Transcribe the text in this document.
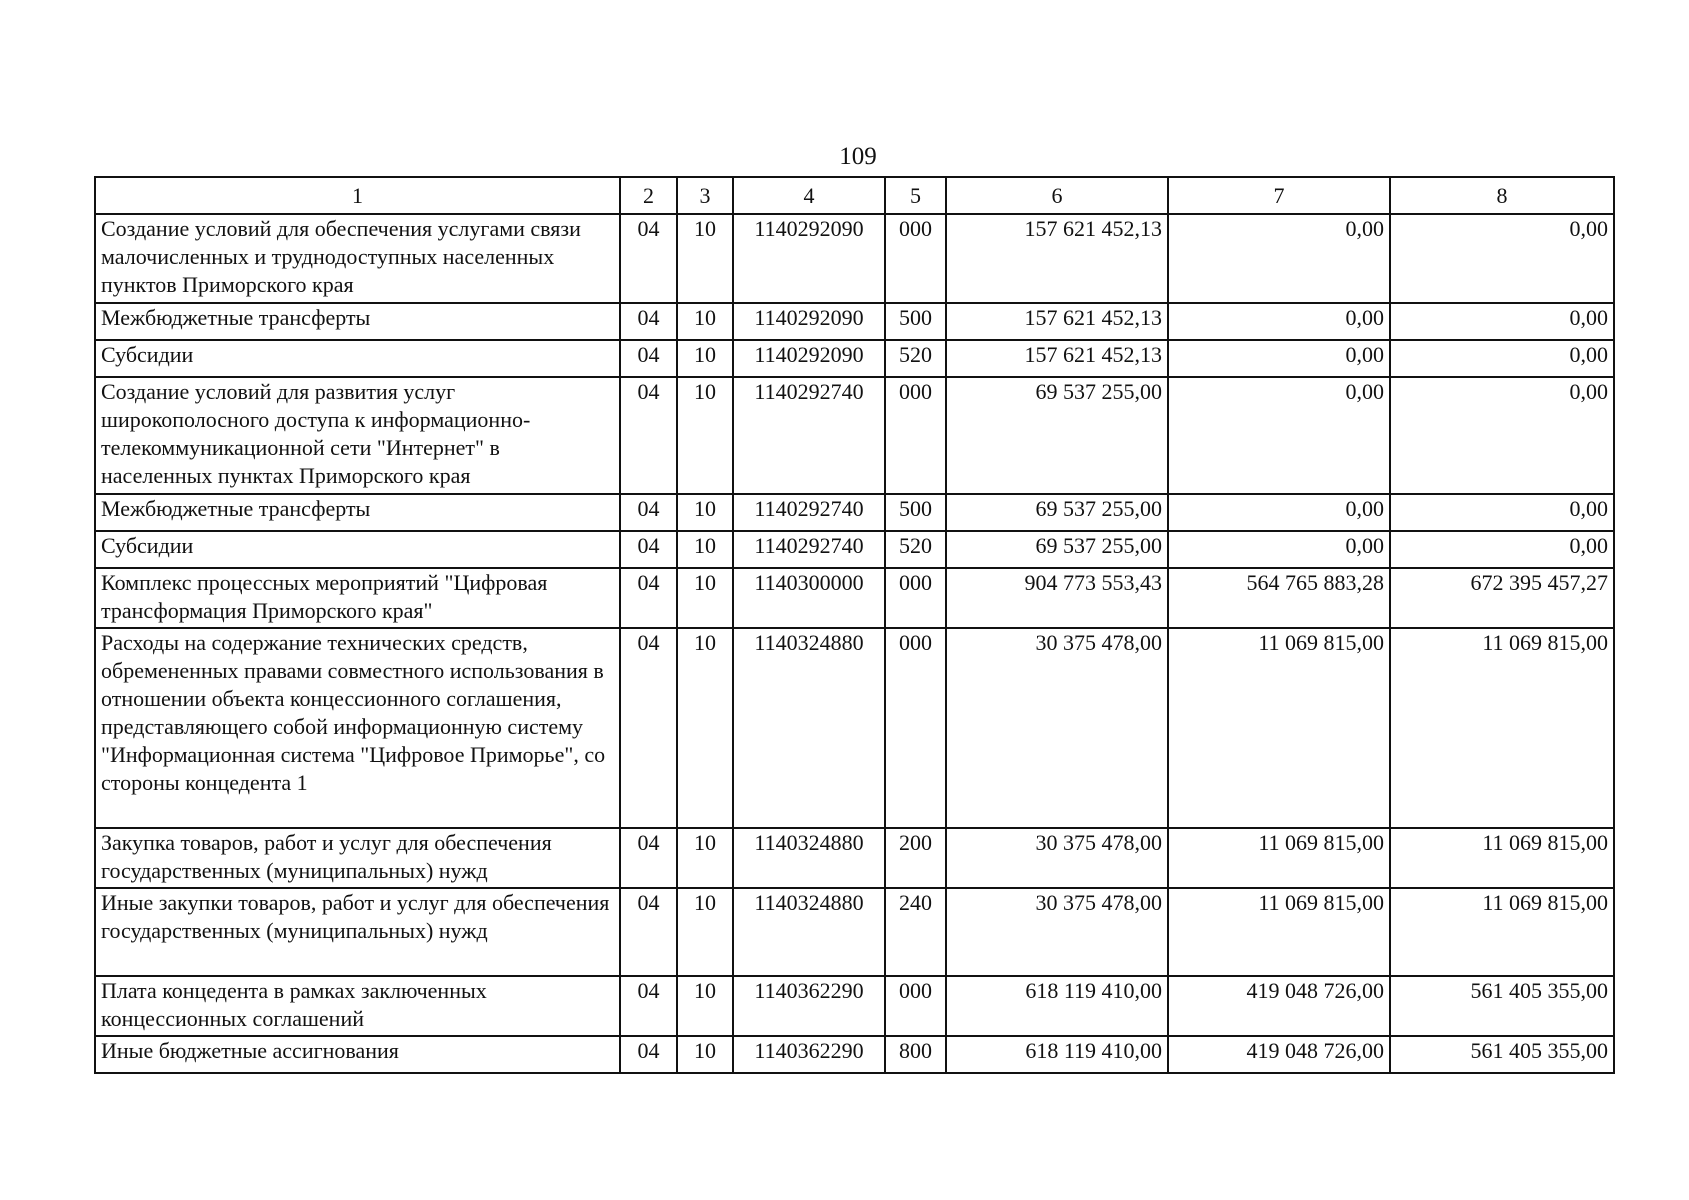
109
1	2	3	4	5	6	7	8
Создание условий для обеспечения услугами связи малочисленных и труднодоступных населенных пунктов Приморского края	04	10	1140292090	000	157 621 452,13	0,00	0,00
Межбюджетные трансферты	04	10	1140292090	500	157 621 452,13	0,00	0,00
Субсидии	04	10	1140292090	520	157 621 452,13	0,00	0,00
Создание условий для развития услуг широкополосного доступа к информационно-телекоммуникационной сети "Интернет" в населенных пунктах Приморского края	04	10	1140292740	000	69 537 255,00	0,00	0,00
Межбюджетные трансферты	04	10	1140292740	500	69 537 255,00	0,00	0,00
Субсидии	04	10	1140292740	520	69 537 255,00	0,00	0,00
Комплекс процессных мероприятий "Цифровая трансформация Приморского края"	04	10	1140300000	000	904 773 553,43	564 765 883,28	672 395 457,27
Расходы на содержание технических средств, обремененных правами совместного использования в отношении объекта концессионного соглашения, представляющего собой информационную систему "Информационная система "Цифровое Приморье", со стороны концедента 1	04	10	1140324880	000	30 375 478,00	11 069 815,00	11 069 815,00
Закупка товаров, работ и услуг для обеспечения государственных (муниципальных) нужд	04	10	1140324880	200	30 375 478,00	11 069 815,00	11 069 815,00
Иные закупки товаров, работ и услуг для обеспечения государственных (муниципальных) нужд	04	10	1140324880	240	30 375 478,00	11 069 815,00	11 069 815,00
Плата концедента в рамках заключенных концессионных соглашений	04	10	1140362290	000	618 119 410,00	419 048 726,00	561 405 355,00
Иные бюджетные ассигнования	04	10	1140362290	800	618 119 410,00	419 048 726,00	561 405 355,00
